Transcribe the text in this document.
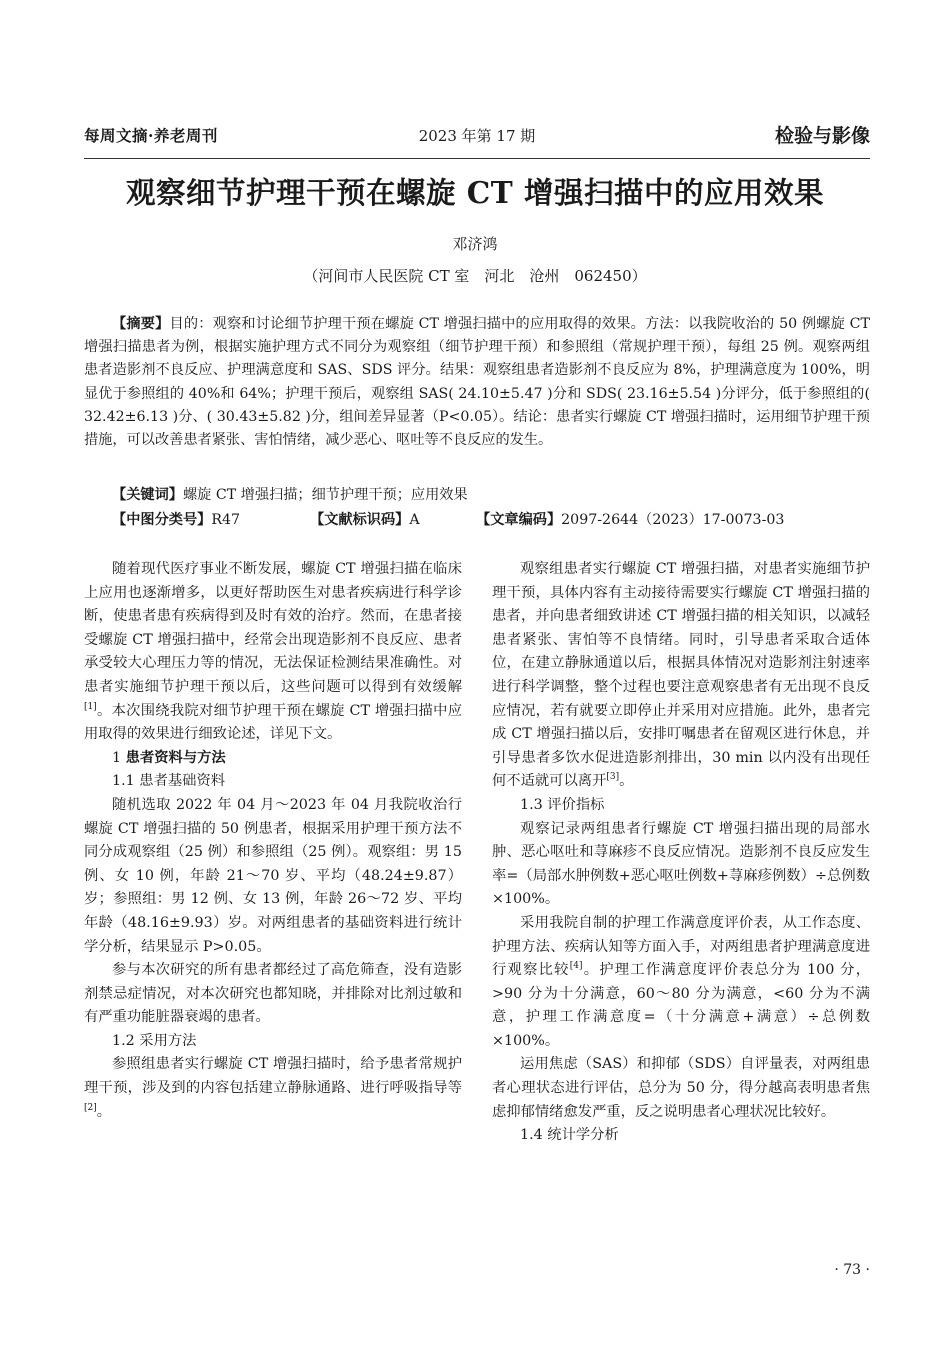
每周文摘·养老周刊	2023 年第 17 期	检验与影像
观察细节护理干预在螺旋 CT 增强扫描中的应用效果
邓济鸿
（河间市人民医院 CT 室　河北　沧州　062450）
【摘要】目的：观察和讨论细节护理干预在螺旋 CT 增强扫描中的应用取得的效果。方法：以我院收治的 50 例螺旋 CT 增强扫描患者为例，根据实施护理方式不同分为观察组（细节护理干预）和参照组（常规护理干预），每组 25 例。观察两组患者造影剂不良反应、护理满意度和 SAS、SDS 评分。结果：观察组患者造影剂不良反应为 8%，护理满意度为 100%，明显优于参照组的 40%和 64%；护理干预后，观察组 SAS( 24.10±5.47 )分和 SDS( 23.16±5.54 )分评分，低于参照组的( 32.42±6.13 )分、( 30.43±5.82 )分，组间差异显著（P<0.05）。结论：患者实行螺旋 CT 增强扫描时，运用细节护理干预措施，可以改善患者紧张、害怕情绪，减少恶心、呕吐等不良反应的发生。
【关键词】螺旋 CT 增强扫描；细节护理干预；应用效果
【中图分类号】R47	【文献标识码】A	【文章编码】2097-2644（2023）17-0073-03

随着现代医疗事业不断发展，螺旋 CT 增强扫描在临床上应用也逐渐增多，以更好帮助医生对患者疾病进行科学诊断，使患者患有疾病得到及时有效的治疗。然而，在患者接受螺旋 CT 增强扫描中，经常会出现造影剂不良反应、患者承受较大心理压力等的情况，无法保证检测结果准确性。对患者实施细节护理干预以后，这些问题可以得到有效缓解[1]。本次围绕我院对细节护理干预在螺旋 CT 增强扫描中应用取得的效果进行细致论述，详见下文。

1 患者资料与方法

1.1 患者基础资料

随机选取 2022 年 04 月～2023 年 04 月我院收治行螺旋 CT 增强扫描的 50 例患者，根据采用护理干预方法不同分成观察组（25 例）和参照组（25 例）。观察组：男 15 例、女 10 例，年龄 21～70 岁、平均（48.24±9.87）岁；参照组：男 12 例、女 13 例，年龄 26～72 岁、平均年龄（48.16±9.93）岁。对两组患者的基础资料进行统计学分析，结果显示 P>0.05。

参与本次研究的所有患者都经过了高危筛查，没有造影剂禁忌症情况，对本次研究也都知晓，并排除对比剂过敏和有严重功能脏器衰竭的患者。

1.2 采用方法

参照组患者实行螺旋 CT 增强扫描时，给予患者常规护理干预，涉及到的内容包括建立静脉通路、进行呼吸指导等[2]。

观察组患者实行螺旋 CT 增强扫描，对患者实施细节护理干预，具体内容有主动接待需要实行螺旋 CT 增强扫描的患者，并向患者细致讲述 CT 增强扫描的相关知识，以减轻患者紧张、害怕等不良情绪。同时，引导患者采取合适体位，在建立静脉通道以后，根据具体情况对造影剂注射速率进行科学调整，整个过程也要注意观察患者有无出现不良反应情况，若有就要立即停止并采用对应措施。此外，患者完成 CT 增强扫描以后，安排叮嘱患者在留观区进行休息，并引导患者多饮水促进造影剂排出，30 min 以内没有出现任何不适就可以离开[3]。

1.3 评价指标

观察记录两组患者行螺旋 CT 增强扫描出现的局部水肿、恶心呕吐和荨麻疹不良反应情况。造影剂不良反应发生率=（局部水肿例数+恶心呕吐例数+荨麻疹例数）÷总例数×100%。

采用我院自制的护理工作满意度评价表，从工作态度、护理方法、疾病认知等方面入手，对两组患者护理满意度进行观察比较[4]。护理工作满意度评价表总分为 100 分，>90 分为十分满意，60～80 分为满意，<60 分为不满意，护理工作满意度=（十分满意+满意）÷总例数×100%。

运用焦虑（SAS）和抑郁（SDS）自评量表，对两组患者心理状态进行评估，总分为 50 分，得分越高表明患者焦虑抑郁情绪愈发严重，反之说明患者心理状况比较好。

1.4 统计学分析

· 73 ·
